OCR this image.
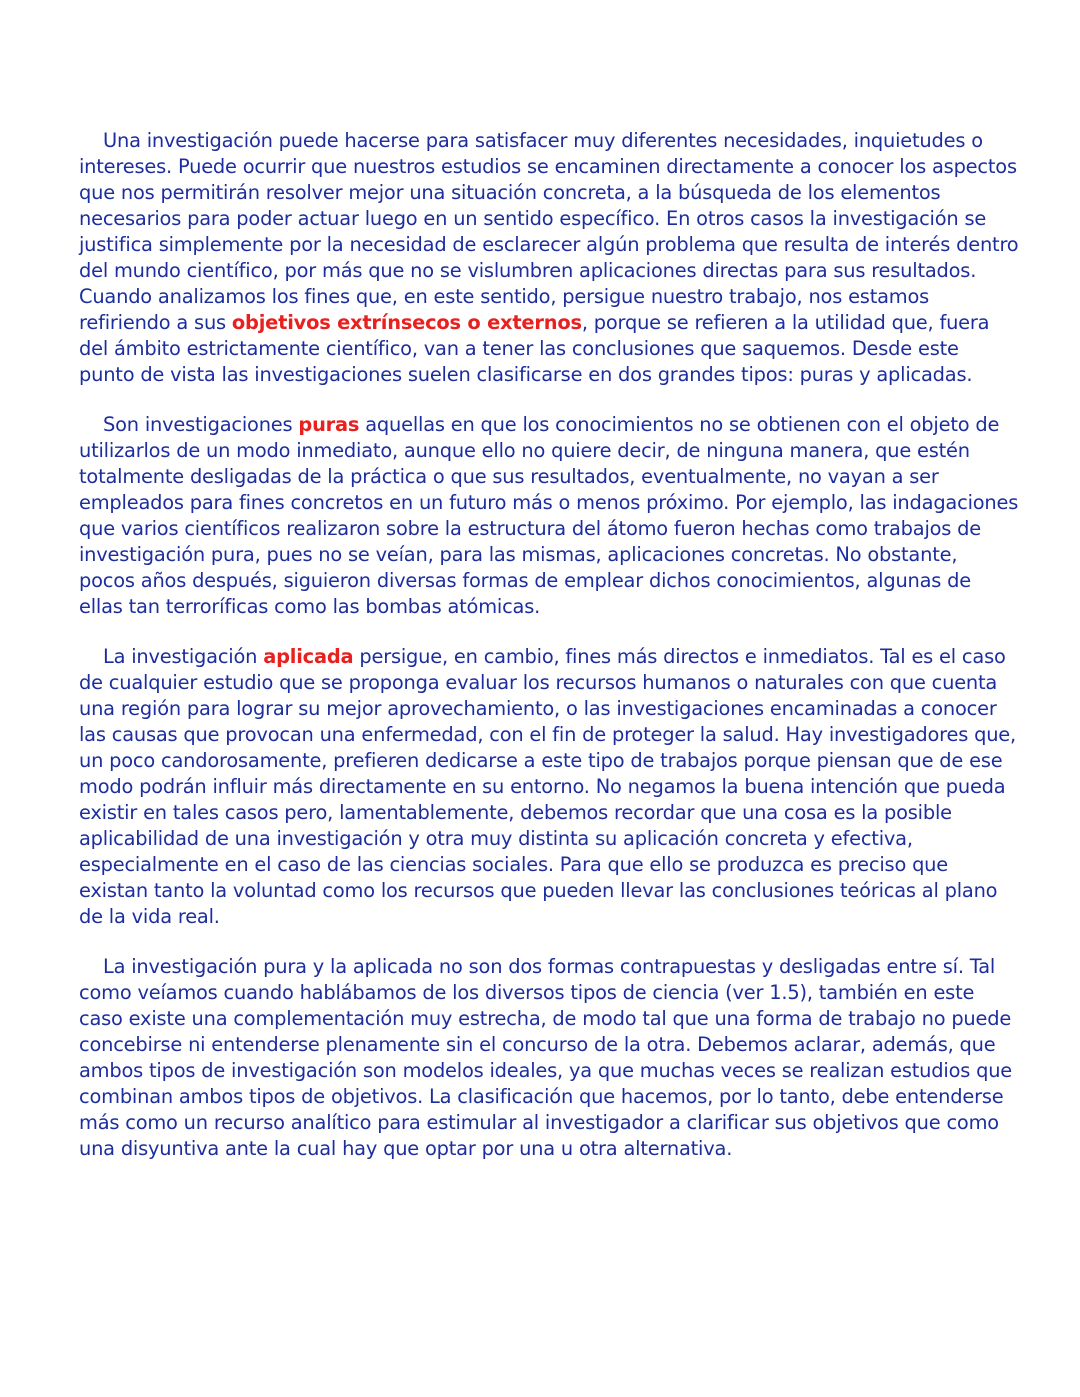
Una investigación puede hacerse para satisfacer muy diferentes necesidades, inquietudes o intereses. Puede ocurrir que nuestros estudios se encaminen directamente a conocer los aspectos que nos permitirán resolver mejor una situación concreta, a la búsqueda de los elementos necesarios para poder actuar luego en un sentido específico. En otros casos la investigación se justifica simplemente por la necesidad de esclarecer algún problema que resulta de interés dentro del mundo científico, por más que no se vislumbren aplicaciones directas para sus resultados. Cuando analizamos los fines que, en este sentido, persigue nuestro trabajo, nos estamos refiriendo a sus objetivos extrínsecos o externos, porque se refieren a la utilidad que, fuera del ámbito estrictamente científico, van a tener las conclusiones que saquemos. Desde este punto de vista las investigaciones suelen clasificarse en dos grandes tipos: puras y aplicadas.

Son investigaciones puras aquellas en que los conocimientos no se obtienen con el objeto de utilizarlos de un modo inmediato, aunque ello no quiere decir, de ninguna manera, que estén totalmente desligadas de la práctica o que sus resultados, eventualmente, no vayan a ser empleados para fines concretos en un futuro más o menos próximo. Por ejemplo, las indagaciones que varios científicos realizaron sobre la estructura del átomo fueron hechas como trabajos de investigación pura, pues no se veían, para las mismas, aplicaciones concretas. No obstante, pocos años después, siguieron diversas formas de emplear dichos conocimientos, algunas de ellas tan terroríficas como las bombas atómicas.

La investigación aplicada persigue, en cambio, fines más directos e inmediatos. Tal es el caso de cualquier estudio que se proponga evaluar los recursos humanos o naturales con que cuenta una región para lograr su mejor aprovechamiento, o las investigaciones encaminadas a conocer las causas que provocan una enfermedad, con el fin de proteger la salud. Hay investigadores que, un poco candorosamente, prefieren dedicarse a este tipo de trabajos porque piensan que de ese modo podrán influir más directamente en su entorno. No negamos la buena intención que pueda existir en tales casos pero, lamentablemente, debemos recordar que una cosa es la posible aplicabilidad de una investigación y otra muy distinta su aplicación concreta y efectiva, especialmente en el caso de las ciencias sociales. Para que ello se produzca es preciso que existan tanto la voluntad como los recursos que pueden llevar las conclusiones teóricas al plano de la vida real.

La investigación pura y la aplicada no son dos formas contrapuestas y desligadas entre sí. Tal como veíamos cuando hablábamos de los diversos tipos de ciencia (ver 1.5), también en este caso existe una complementación muy estrecha, de modo tal que una forma de trabajo no puede concebirse ni entenderse plenamente sin el concurso de la otra. Debemos aclarar, además, que ambos tipos de investigación son modelos ideales, ya que muchas veces se realizan estudios que combinan ambos tipos de objetivos. La clasificación que hacemos, por lo tanto, debe entenderse más como un recurso analítico para estimular al investigador a clarificar sus objetivos que como una disyuntiva ante la cual hay que optar por una u otra alternativa.
